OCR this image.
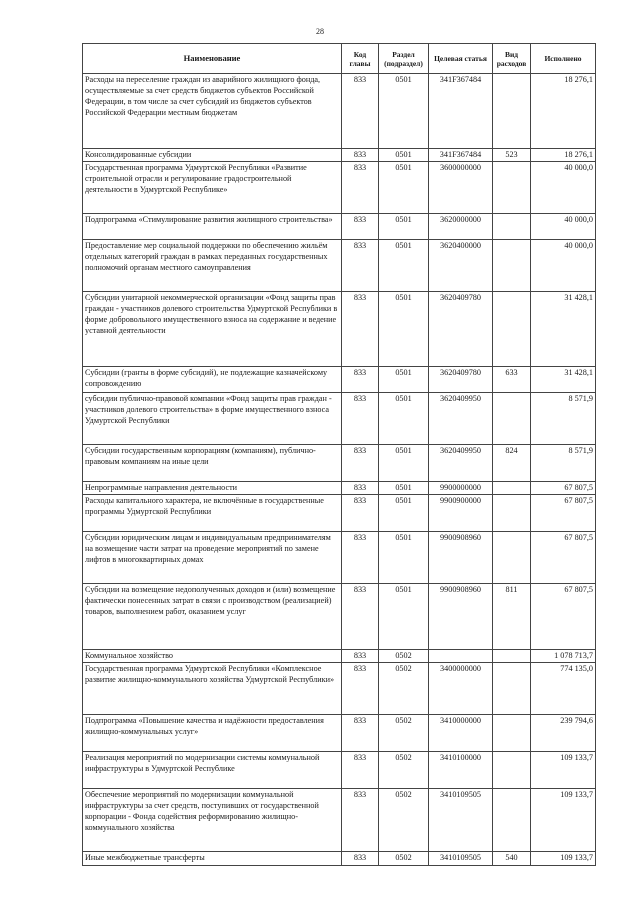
28
Наименование	Код главы	Раздел (подраздел)	Целевая статья	Вид расходов	Исполнено
Расходы на переселение граждан из аварийного жилищного фонда, осуществляемые за счет средств бюджетов субъектов Российской Федерации, в том числе за счет субсидий из бюджетов субъектов Российской Федерации местным бюджетам	833	0501	341F367484		18 276,1
Консолидированные субсидии	833	0501	341F367484	523	18 276,1
Государственная программа Удмуртской Республики «Развитие строительной отрасли и регулирование градостроительной деятельности в Удмуртской Республике»	833	0501	3600000000		40 000,0
Подпрограмма «Стимулирование развития жилищного строительства»	833	0501	3620000000		40 000,0
Предоставление мер социальной поддержки по обеспечению жильём отдельных категорий граждан в рамках переданных государственных полномочий органам местного самоуправления	833	0501	3620400000		40 000,0
Субсидии унитарной некоммерческой организации «Фонд защиты прав граждан - участников долевого строительства Удмуртской Республики в форме добровольного имущественного взноса на содержание и ведение уставной деятельности	833	0501	3620409780		31 428,1
Субсидии (гранты в форме субсидий), не подлежащие казначейскому сопровождению	833	0501	3620409780	633	31 428,1
субсидии публично-правовой компании «Фонд защиты прав граждан - участников долевого строительства» в форме имущественного взноса Удмуртской Республики	833	0501	3620409950		8 571,9
Субсидии государственным корпорациям (компаниям), публично-правовым компаниям на иные цели	833	0501	3620409950	824	8 571,9
Непрограммные направления деятельности	833	0501	9900000000		67 807,5
Расходы капитального характера, не включённые в государственные программы Удмуртской Республики	833	0501	9900900000		67 807,5
Субсидии юридическим лицам и индивидуальным предпринимателям на возмещение части затрат на проведение мероприятий по замене лифтов в многоквартирных домах	833	0501	9900908960		67 807,5
Субсидии на возмещение недополученных доходов и (или) возмещение фактически понесенных затрат в связи с производством (реализацией) товаров, выполнением работ, оказанием услуг	833	0501	9900908960	811	67 807,5
Коммунальное хозяйство	833	0502			1 078 713,7
Государственная программа Удмуртской Республики «Комплексное развитие жилищно-коммунального хозяйства Удмуртской Республики»	833	0502	3400000000		774 135,0
Подпрограмма «Повышение качества и надёжности предоставления жилищно-коммунальных услуг»	833	0502	3410000000		239 794,6
Реализация мероприятий по модернизации системы коммунальной инфраструктуры в Удмуртской Республике	833	0502	3410100000		109 133,7
Обеспечение мероприятий по модернизации коммунальной инфраструктуры за счет средств, поступивших от государственной корпорации - Фонда содействия реформированию жилищно- коммунального хозяйства	833	0502	3410109505		109 133,7
Иные межбюджетные трансферты	833	0502	3410109505	540	109 133,7
